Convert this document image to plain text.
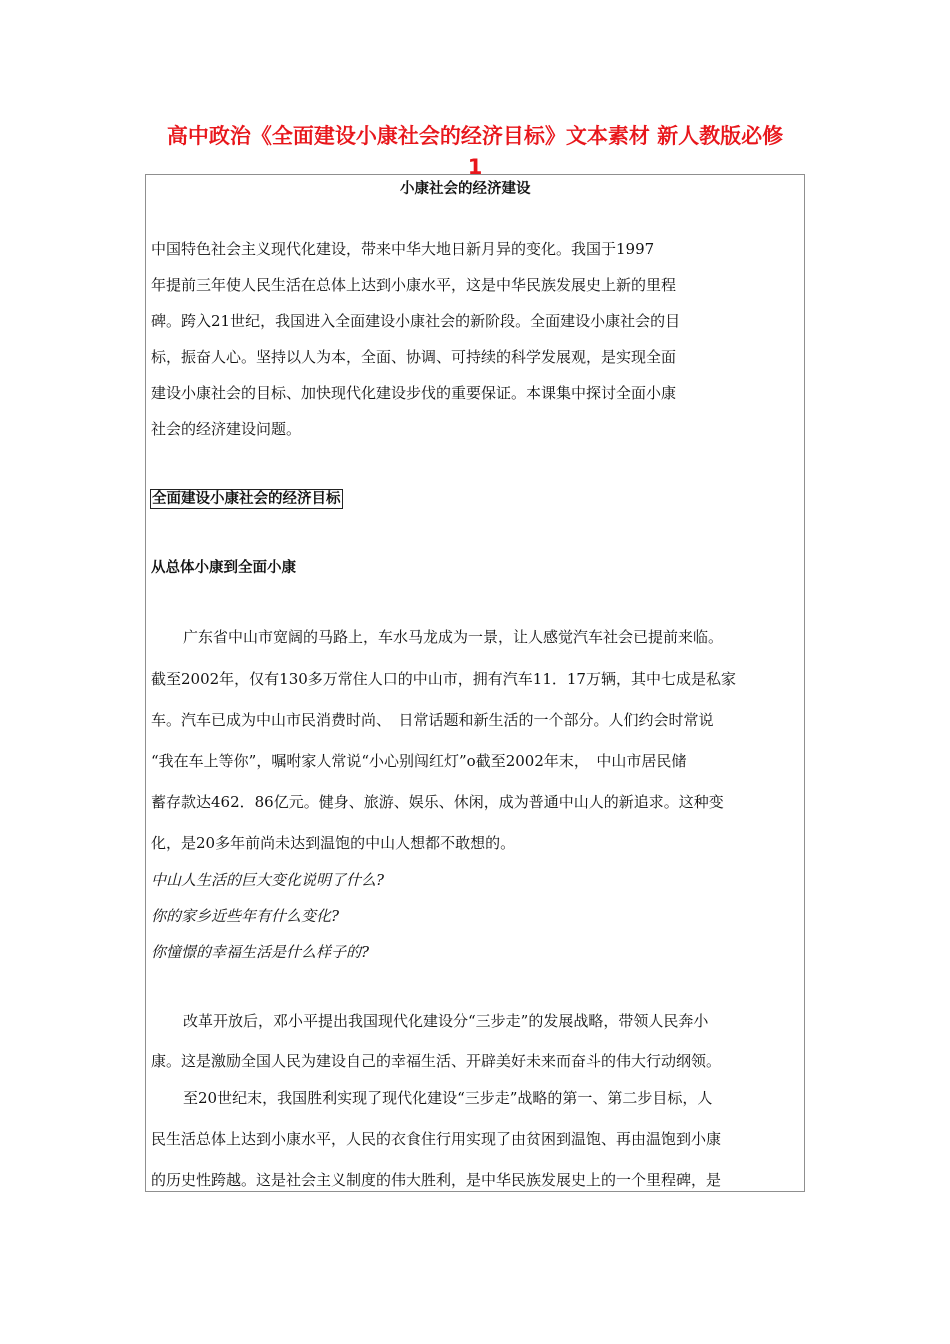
高中政治《全面建设小康社会的经济目标》文本素材 新人教版必修
1

小康社会的经济建设

中国特色社会主义现代化建设，带来中华大地日新月异的变化。我国于1997

年提前三年使人民生活在总体上达到小康水平，这是中华民族发展史上新的里程

碑。跨入21世纪，我国进入全面建设小康社会的新阶段。全面建设小康社会的目

标，振奋人心。坚持以人为本，全面、协调、可持续的科学发展观，是实现全面

建设小康社会的目标、加快现代化建设步伐的重要保证。本课集中探讨全面小康

社会的经济建设问题。

全面建设小康社会的经济目标

从总体小康到全面小康

广东省中山市宽阔的马路上，车水马龙成为一景，让人感觉汽车社会已提前来临。

截至2002年，仅有130多万常住人口的中山市，拥有汽车11．17万辆，其中七成是私家

车。汽车已成为中山市民消费时尚、　日常话题和新生活的一个部分。人们约会时常说

“我在车上等你”，嘱咐家人常说“小心别闯红灯”o截至2002年末，　中山市居民储

蓄存款达462．86亿元。健身、旅游、娱乐、休闲，成为普通中山人的新追求。这种变

化，是20多年前尚未达到温饱的中山人想都不敢想的。

中山人生活的巨大变化说明了什么?

你的家乡近些年有什么变化?

你憧憬的幸福生活是什么样子的?

改革开放后，邓小平提出我国现代化建设分“三步走”的发展战略，带领人民奔小

康。这是激励全国人民为建设自己的幸福生活、开辟美好未来而奋斗的伟大行动纲领。

至20世纪末，我国胜利实现了现代化建设“三步走”战略的第一、第二步目标，人

民生活总体上达到小康水平，人民的衣食住行用实现了由贫困到温饱、再由温饱到小康

的历史性跨越。这是社会主义制度的伟大胜利，是中华民族发展史上的一个里程碑，是
